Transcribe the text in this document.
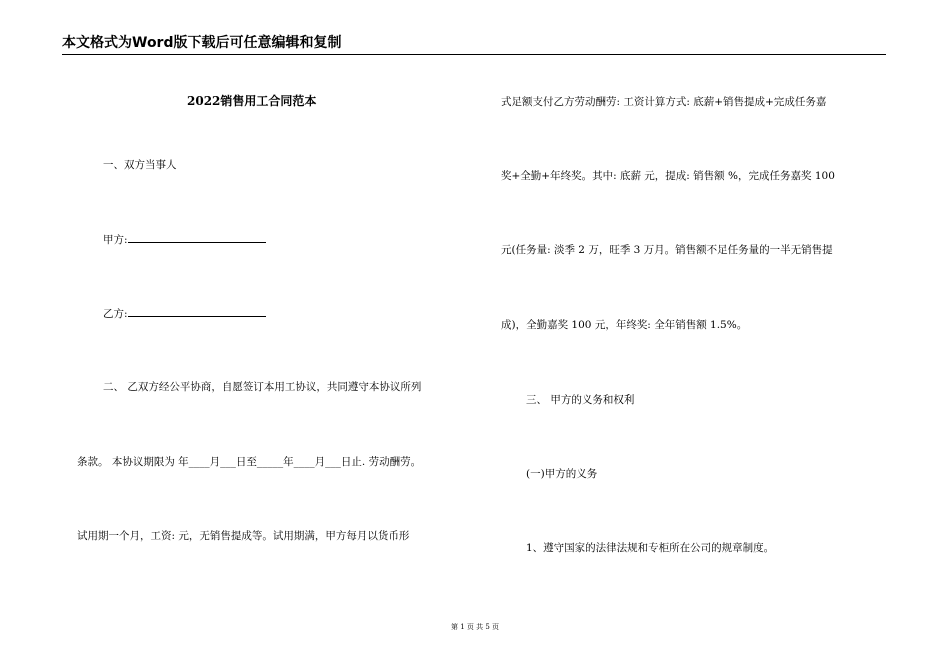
本文格式为Word版下载后可任意编辑和复制
2022销售用工合同范本
一、双方当事人
甲方:
乙方:
二、 乙双方经公平协商，自愿签订本用工协议，共同遵守本协议所列
条款。 本协议期限为 年____月___日至_____年____月___日止. 劳动酬劳。
试用期一个月，工资: 元，无销售提成等。试用期满，甲方每月以货币形
式足额支付乙方劳动酬劳: 工资计算方式: 底薪+销售提成+完成任务嘉
奖+全勤+年终奖。其中: 底薪 元，提成: 销售额 %，完成任务嘉奖 100
元(任务量: 淡季 2 万，旺季 3 万月。销售额不足任务量的一半无销售提
成)，全勤嘉奖 100 元，年终奖: 全年销售额 1.5%。
三、 甲方的义务和权利
(一)甲方的义务
1、遵守国家的法律法规和专柜所在公司的规章制度。
第 1 页 共 5 页
